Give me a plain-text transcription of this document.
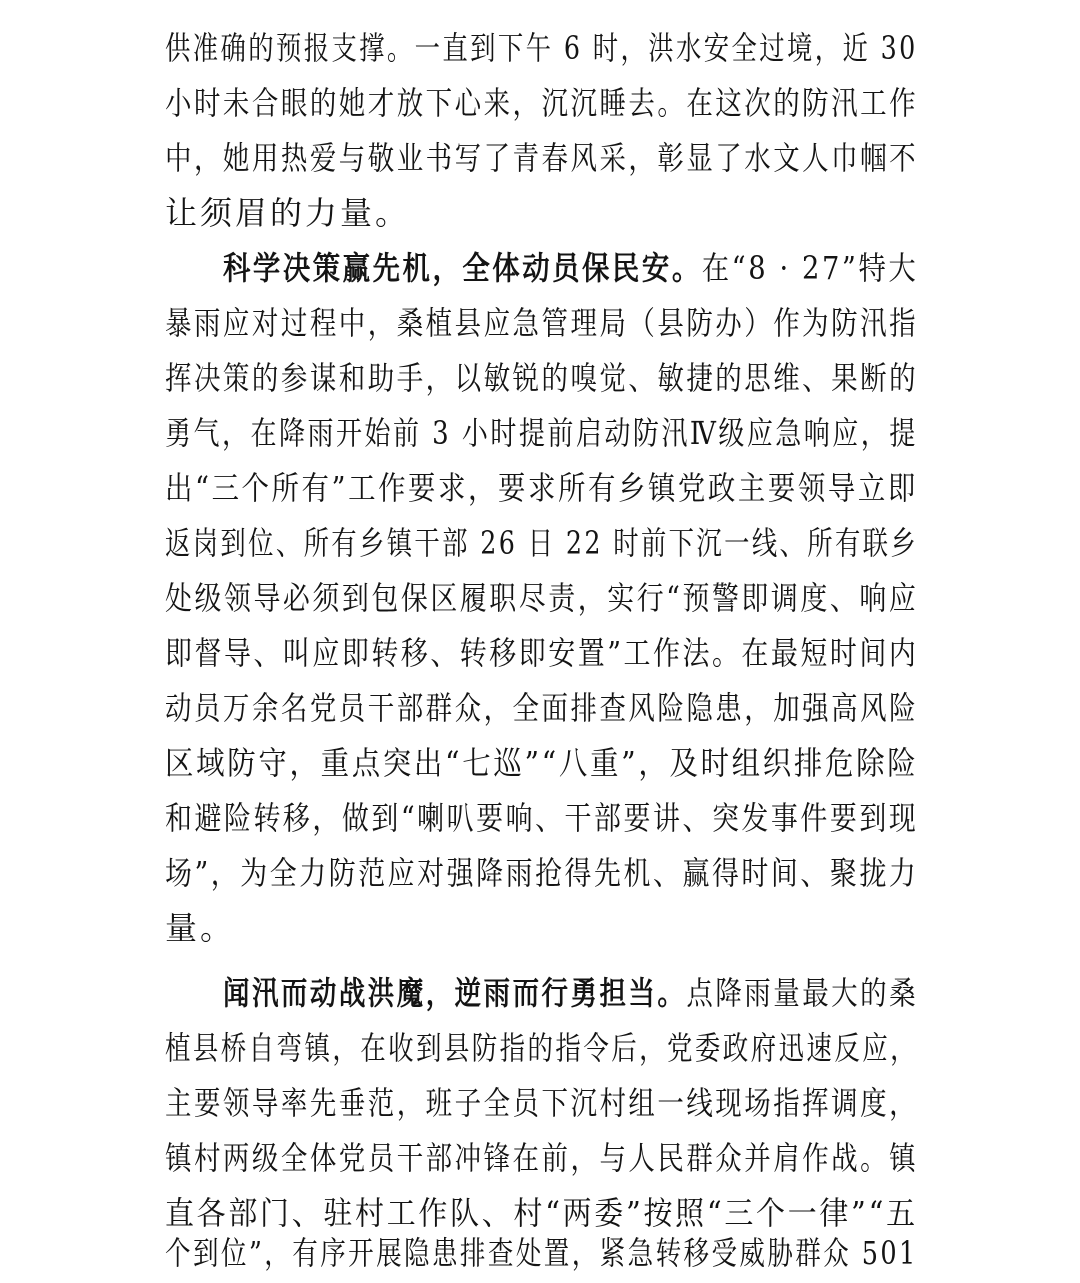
供准确的预报支撑。一直到下午 6 时，洪水安全过境，近 30
小时未合眼的她才放下心来，沉沉睡去。在这次的防汛工作
中，她用热爱与敬业书写了青春风采，彰显了水文人巾帼不
让须眉的力量。
科学决策赢先机，全体动员保民安。在“8 · 27”特大
暴雨应对过程中，桑植县应急管理局（县防办）作为防汛指
挥决策的参谋和助手，以敏锐的嗅觉、敏捷的思维、果断的
勇气，在降雨开始前 3 小时提前启动防汛Ⅳ级应急响应，提
出“三个所有”工作要求，要求所有乡镇党政主要领导立即
返岗到位、所有乡镇干部 26 日 22 时前下沉一线、所有联乡
处级领导必须到包保区履职尽责，实行“预警即调度、响应
即督导、叫应即转移、转移即安置”工作法。在最短时间内
动员万余名党员干部群众，全面排查风险隐患，加强高风险
区域防守，重点突出“七巡”“八重”，及时组织排危除险
和避险转移，做到“喇叭要响、干部要讲、突发事件要到现
场”，为全力防范应对强降雨抢得先机、赢得时间、聚拢力
量。
闻汛而动战洪魔，逆雨而行勇担当。点降雨量最大的桑
植县桥自弯镇，在收到县防指的指令后，党委政府迅速反应，
主要领导率先垂范，班子全员下沉村组一线现场指挥调度，
镇村两级全体党员干部冲锋在前，与人民群众并肩作战。镇
直各部门、驻村工作队、村“两委”按照“三个一律”“五
个到位”，有序开展隐患排查处置，紧急转移受威胁群众 501
